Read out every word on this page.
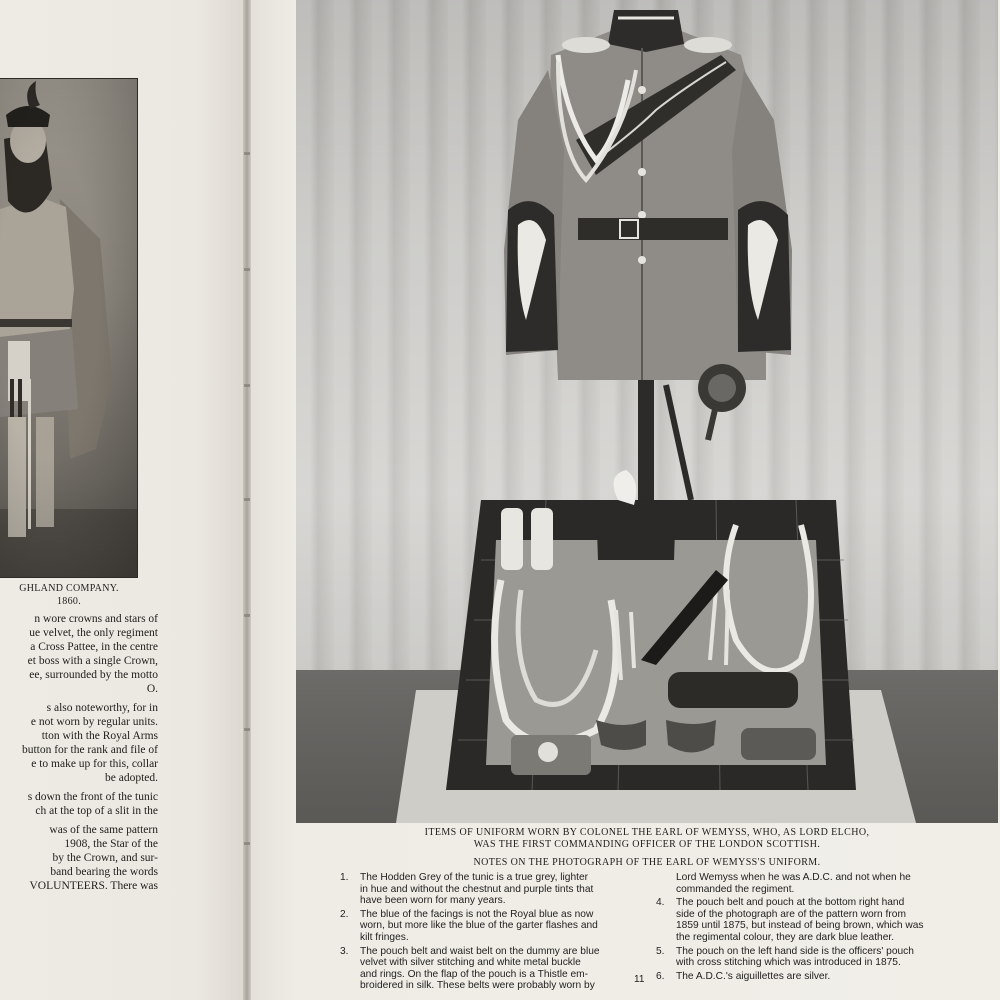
GHLAND COMPANY.
1860.

n wore crowns and stars of

ue velvet, the only regiment

a Cross Pattee, in the centre

et boss with a single Crown,

ee, surrounded by the motto

O.

s also noteworthy, for in

e not worn by regular units.

tton with the Royal Arms

button for the rank and file of

e to make up for this, collar

be adopted.

s down the front of the tunic

ch at the top of a slit in the

was of the same pattern

1908, the Star of the

by the Crown, and sur-

band bearing the words

VOLUNTEERS. There was

ITEMS OF UNIFORM WORN BY COLONEL THE EARL OF WEMYSS, WHO, AS LORD ELCHO,
WAS THE FIRST COMMANDING OFFICER OF THE LONDON SCOTTISH.
NOTES ON THE PHOTOGRAPH OF THE EARL OF WEMYSS'S UNIFORM.
1. The Hodden Grey of the tunic is a true grey, lighter
in hue and without the chestnut and purple tints that
have been worn for many years.
2. The blue of the facings is not the Royal blue as now
worn, but more like the blue of the garter flashes and
kilt fringes.
3. The pouch belt and waist belt on the dummy are blue
velvet with silver stitching and white metal buckle
and rings. On the flap of the pouch is a Thistle em-
broidered in silk. These belts were probably worn by
Lord Wemyss when he was A.D.C. and not when he
commanded the regiment.
4. The pouch belt and pouch at the bottom right hand
side of the photograph are of the pattern worn from
1859 until 1875, but instead of being brown, which was
the regimental colour, they are dark blue leather.
5. The pouch on the left hand side is the officers' pouch
with cross stitching which was introduced in 1875.
6. The A.D.C.'s aiguillettes are silver.
11
